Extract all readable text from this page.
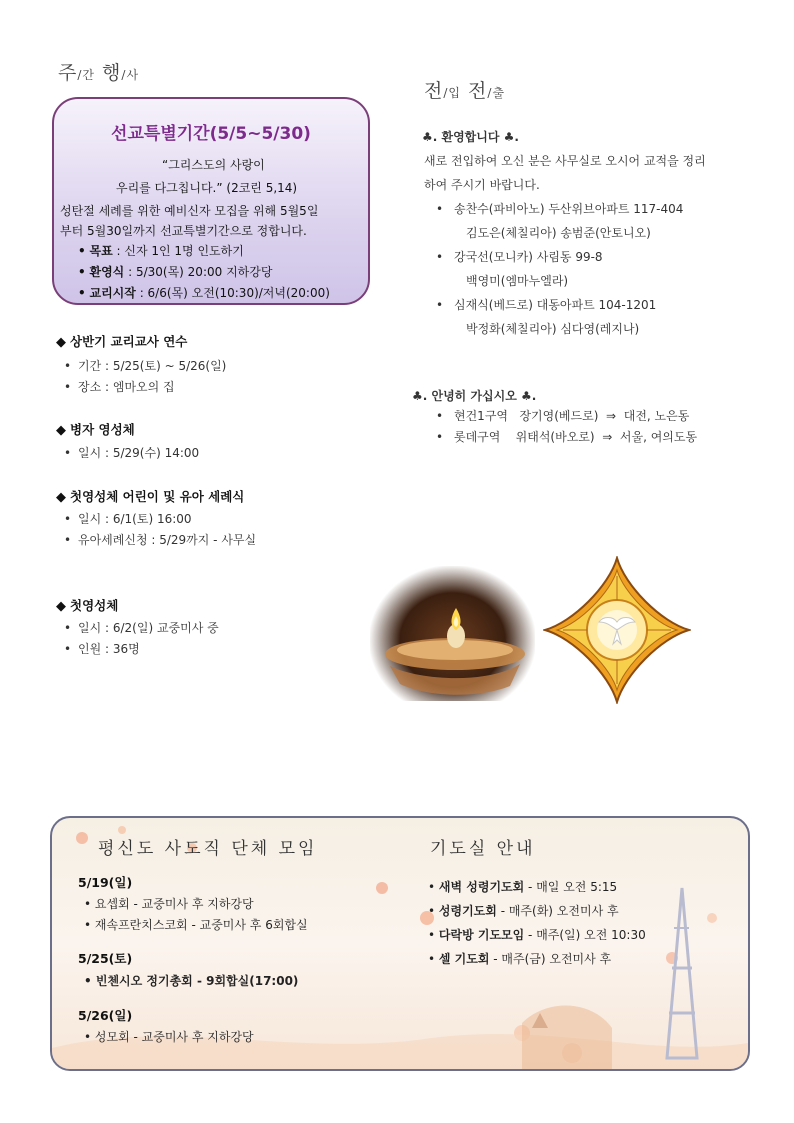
주/간 행/사
선교특별기간(5/5~5/30)
“그리스도의 사랑이
우리를 다그칩니다.” (2코린 5,14)
성탄절 세례를 위한 예비신자 모집을 위해 5월5일
부터 5월30일까지 선교특별기간으로 정합니다.
• 목표 : 신자 1인 1명 인도하기
• 환영식 : 5/30(목) 20:00 지하강당
• 교리시작 : 6/6(목) 오전(10:30)/저녁(20:00)
◆ 상반기 교리교사 연수
• 기간 : 5/25(토) ~ 5/26(일)
• 장소 : 엠마오의 집
◆ 병자 영성체
• 일시 : 5/29(수) 14:00
◆ 첫영성체 어린이 및 유아 세례식
• 일시 : 6/1(토) 16:00
• 유아세례신청 : 5/29까지 - 사무실
◆ 첫영성체
• 일시 : 6/2(일) 교중미사 중
• 인원 : 36명
전/입 전/출
♣. 환영합니다 ♣.
새로 전입하여 오신 분은 사무실로 오시어 교적을 정리
하여 주시기 바랍니다.
• 송찬수(파비아노) 두산위브아파트 117-404
김도은(체칠리아) 송범준(안토니오)
• 강국선(모니카) 사림동 99-8
백영미(엠마누엘라)
• 심재식(베드로) 대동아파트 104-1201
박정화(체칠리아) 심다영(레지나)
♣. 안녕히 가십시오 ♣.
• 현건1구역 장기영(베드로) ⇒ 대전, 노은동
• 롯데구역 위태석(바오로) ⇒ 서울, 여의도동
평신도 사도직 단체 모임
5/19(일)
• 요셉회 - 교중미사 후 지하강당
• 재속프란치스코회 - 교중미사 후 6회합실
5/25(토)
• 빈첸시오 정기총회 - 9회합실(17:00)
5/26(일)
• 성모회 - 교중미사 후 지하강당
기도실 안내
• 새벽 성령기도회 - 매일 오전 5:15
• 성령기도회 - 매주(화) 오전미사 후
• 다락방 기도모임 - 매주(일) 오전 10:30
• 셀 기도회 - 매주(금) 오전미사 후
